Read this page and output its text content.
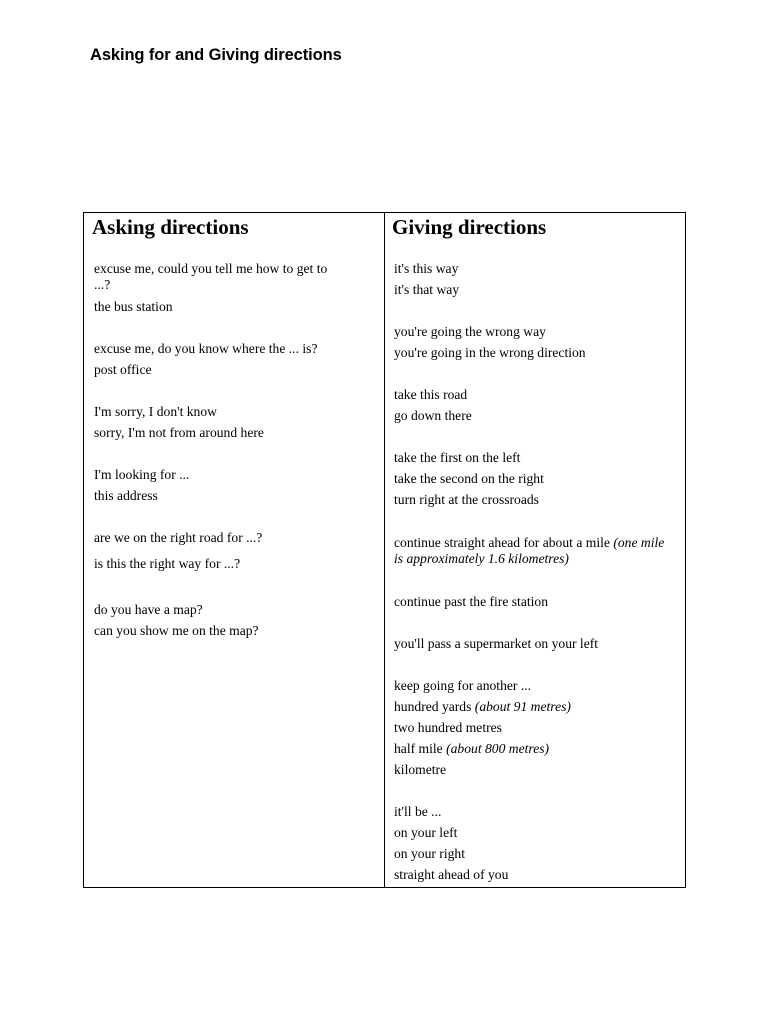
Asking for and Giving directions
Asking directions
excuse me, could you tell me how to get to
...?
the bus station
excuse me, do you know where the ... is?
post office
I'm sorry, I don't know
sorry, I'm not from around here
I'm looking for ...
this address
are we on the right road for ...?
is this the right way for ...?
do you have a map?
can you show me on the map?
Giving directions
it's this way
it's that way
you're going the wrong way
you're going in the wrong direction
take this road
go down there
take the first on the left
take the second on the right
turn right at the crossroads
continue straight ahead for about a mile (one mile is approximately 1.6 kilometres)
continue past the fire station
you'll pass a supermarket on your left
keep going for another ...
hundred yards (about 91 metres)
two hundred metres
half mile (about 800 metres)
kilometre
it'll be ...
on your left
on your right
straight ahead of you
